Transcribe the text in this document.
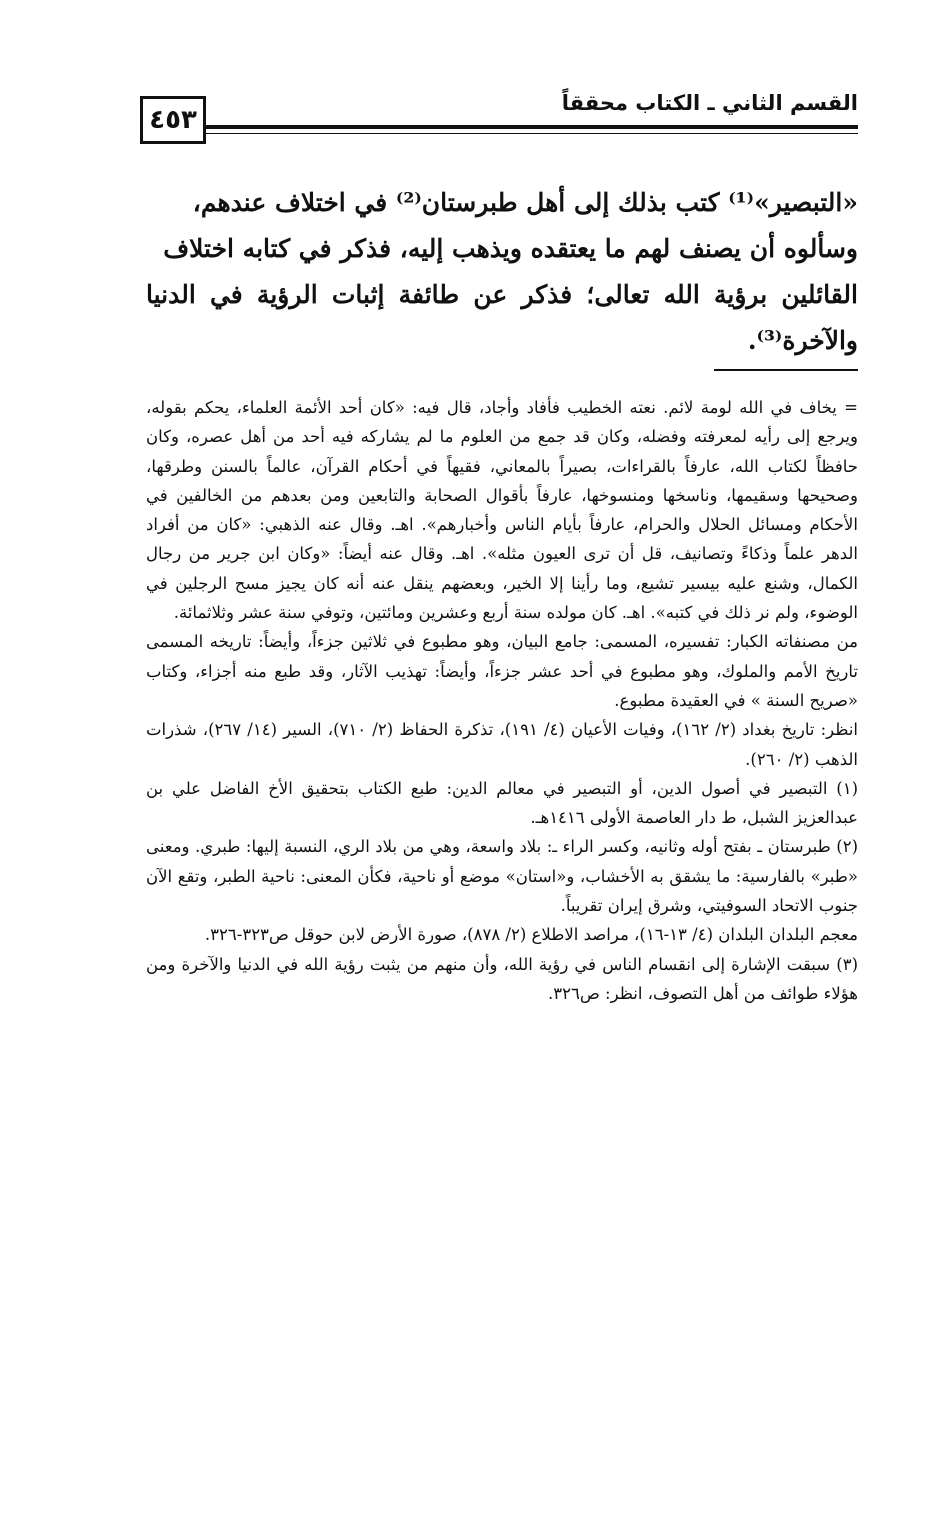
القسم الثاني ـ الكتاب محققاً
٤٥٣

«التبصير»⁽¹⁾ كتب بذلك إلى أهل طبرستان⁽²⁾ في اختلاف عندهم،

وسألوه أن يصنف لهم ما يعتقده ويذهب إليه، فذكر في كتابه اختلاف

القائلين برؤية الله تعالى؛ فذكر عن طائفة إثبات الرؤية في الدنيا والآخرة⁽³⁾.

= يخاف في الله لومة لائم. نعته الخطيب فأفاد وأجاد، قال فيه: «كان أحد الأئمة العلماء، يحكم بقوله، ويرجع إلى رأيه لمعرفته وفضله، وكان قد جمع من العلوم ما لم يشاركه فيه أحد من أهل عصره، وكان حافظاً لكتاب الله، عارفاً بالقراءات، بصيراً بالمعاني، فقيهاً في أحكام القرآن، عالماً بالسنن وطرقها، وصحيحها وسقيمها، وناسخها ومنسوخها، عارفاً بأقوال الصحابة والتابعين ومن بعدهم من الخالفين في الأحكام ومسائل الحلال والحرام، عارفاً بأيام الناس وأخبارهم». اهـ. وقال عنه الذهبي: «كان من أفراد الدهر علماً وذكاءً وتصانيف، قل أن ترى العيون مثله». اهـ. وقال عنه أيضاً: «وكان ابن جرير من رجال الكمال، وشنع عليه بيسير تشيع، وما رأينا إلا الخير، وبعضهم ينقل عنه أنه كان يجيز مسح الرجلين في الوضوء، ولم نر ذلك في كتبه». اهـ. كان مولده سنة أربع وعشرين ومائتين، وتوفي سنة عشر وثلاثمائة.

من مصنفاته الكبار: تفسيره، المسمى: جامع البيان، وهو مطبوع في ثلاثين جزءاً، وأيضاً: تاريخه المسمى تاريخ الأمم والملوك، وهو مطبوع في أحد عشر جزءاً، وأيضاً: تهذيب الآثار، وقد طبع منه أجزاء، وكتاب «صريح السنة » في العقيدة مطبوع.

انظر: تاريخ بغداد (٢/ ١٦٢)، وفيات الأعيان (٤/ ١٩١)، تذكرة الحفاظ (٢/ ٧١٠)، السير (١٤/ ٢٦٧)، شذرات الذهب (٢/ ٢٦٠).

(١) التبصير في أصول الدين، أو التبصير في معالم الدين: طبع الكتاب بتحقيق الأخ الفاضل علي بن عبدالعزيز الشبل، ط دار العاصمة الأولى ١٤١٦هـ.

(٢) طبرستان ـ بفتح أوله وثانيه، وكسر الراء ـ: بلاد واسعة، وهي من بلاد الري، النسبة إليها: طبري. ومعنى «طبر» بالفارسية: ما يشقق به الأخشاب، و«استان» موضع أو ناحية، فكأن المعنى: ناحية الطبر، وتقع الآن جنوب الاتحاد السوفيتي، وشرق إيران تقريباً.

معجم البلدان البلدان (٤/ ١٣-١٦)، مراصد الاطلاع (٢/ ٨٧٨)، صورة الأرض لابن حوقل ص٣٢٣-٣٢٦.

(٣) سبقت الإشارة إلى انقسام الناس في رؤية الله، وأن منهم من يثبت رؤية الله في الدنيا والآخرة ومن هؤلاء طوائف من أهل التصوف، انظر: ص٣٢٦.
